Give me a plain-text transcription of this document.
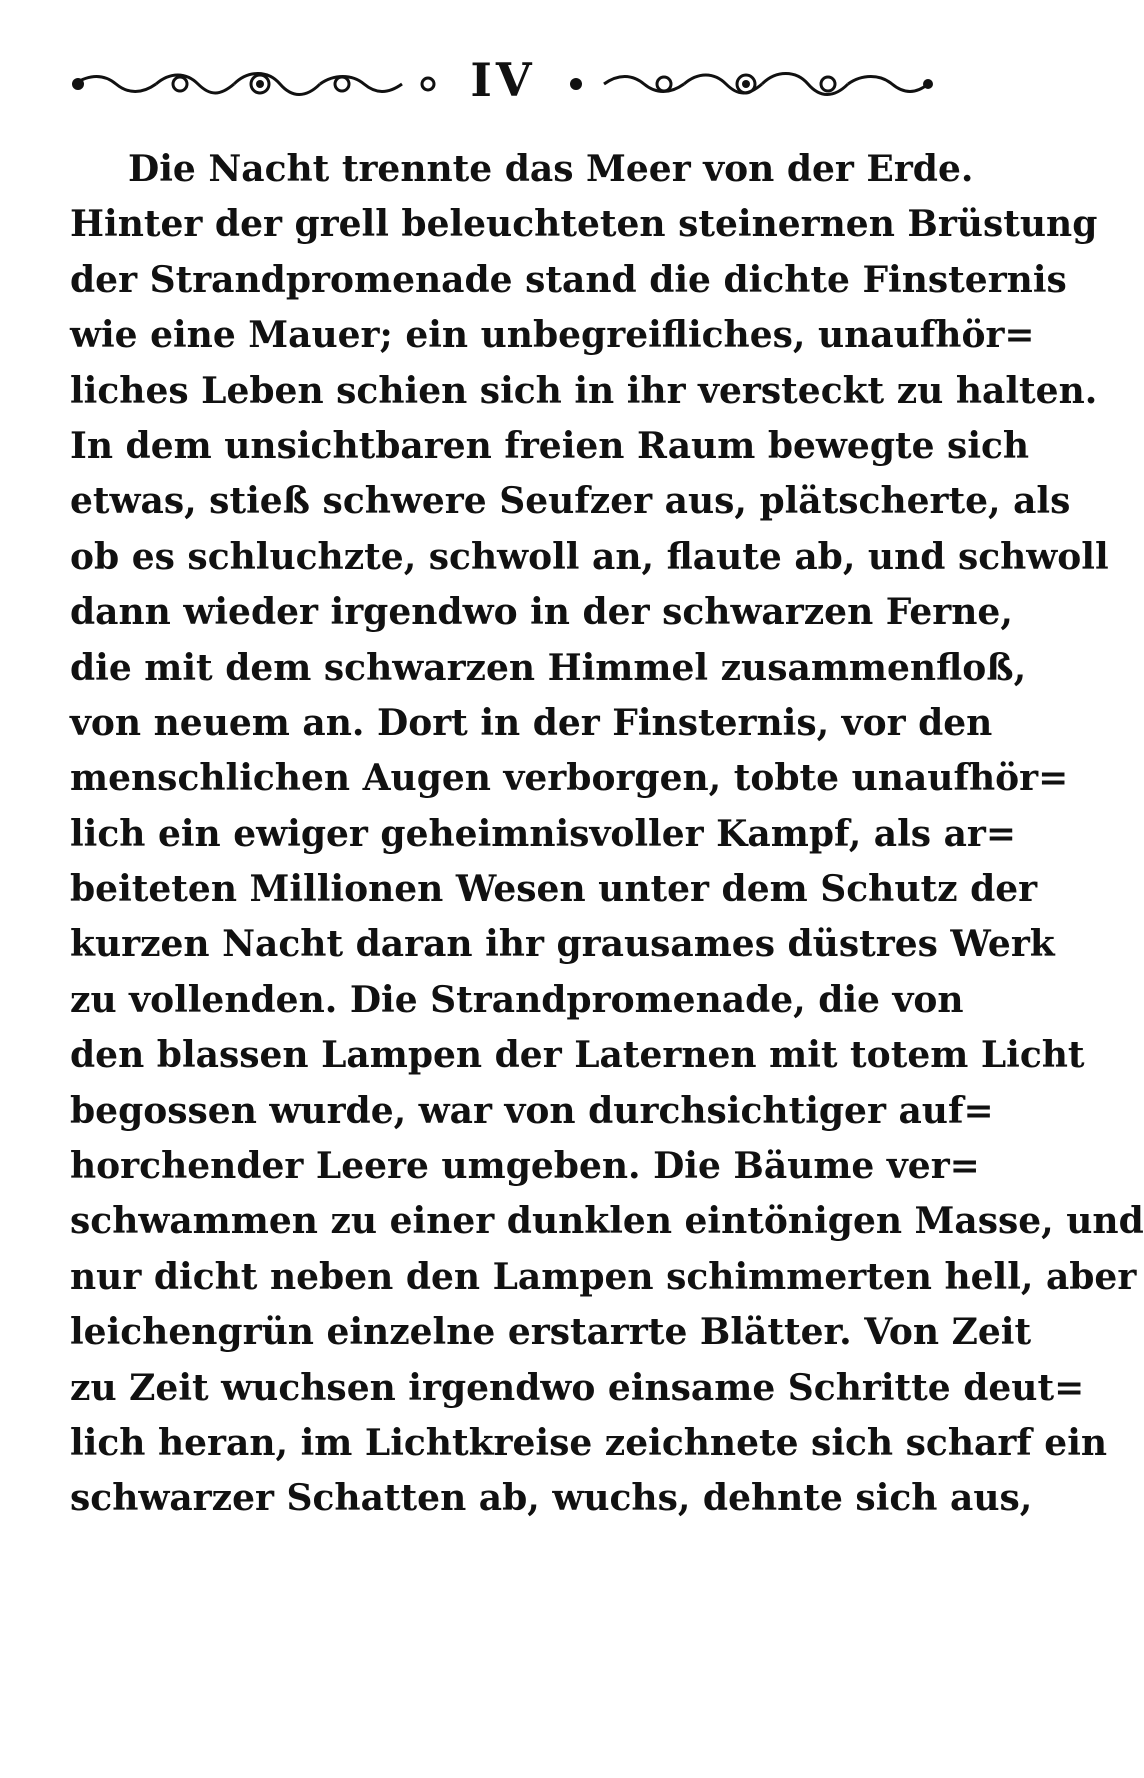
IV
Die Nacht trennte das Meer von der Erde.
Hinter der grell beleuchteten steinernen Brüstung
der Strandpromenade stand die dichte Finsternis
wie eine Mauer; ein unbegreifliches, unaufhör=
liches Leben schien sich in ihr versteckt zu halten.
In dem unsichtbaren freien Raum bewegte sich
etwas, stieß schwere Seufzer aus, plätscherte, als
ob es schluchzte, schwoll an, flaute ab, und schwoll
dann wieder irgendwo in der schwarzen Ferne,
die mit dem schwarzen Himmel zusammenfloß,
von neuem an. Dort in der Finsternis, vor den
menschlichen Augen verborgen, tobte unaufhör=
lich ein ewiger geheimnisvoller Kampf, als ar=
beiteten Millionen Wesen unter dem Schutz der
kurzen Nacht daran ihr grausames düstres Werk
zu vollenden. Die Strandpromenade, die von
den blassen Lampen der Laternen mit totem Licht
begossen wurde, war von durchsichtiger auf=
horchender Leere umgeben. Die Bäume ver=
schwammen zu einer dunklen eintönigen Masse, und
nur dicht neben den Lampen schimmerten hell, aber
leichengrün einzelne erstarrte Blätter. Von Zeit
zu Zeit wuchsen irgendwo einsame Schritte deut=
lich heran, im Lichtkreise zeichnete sich scharf ein
schwarzer Schatten ab, wuchs, dehnte sich aus,
